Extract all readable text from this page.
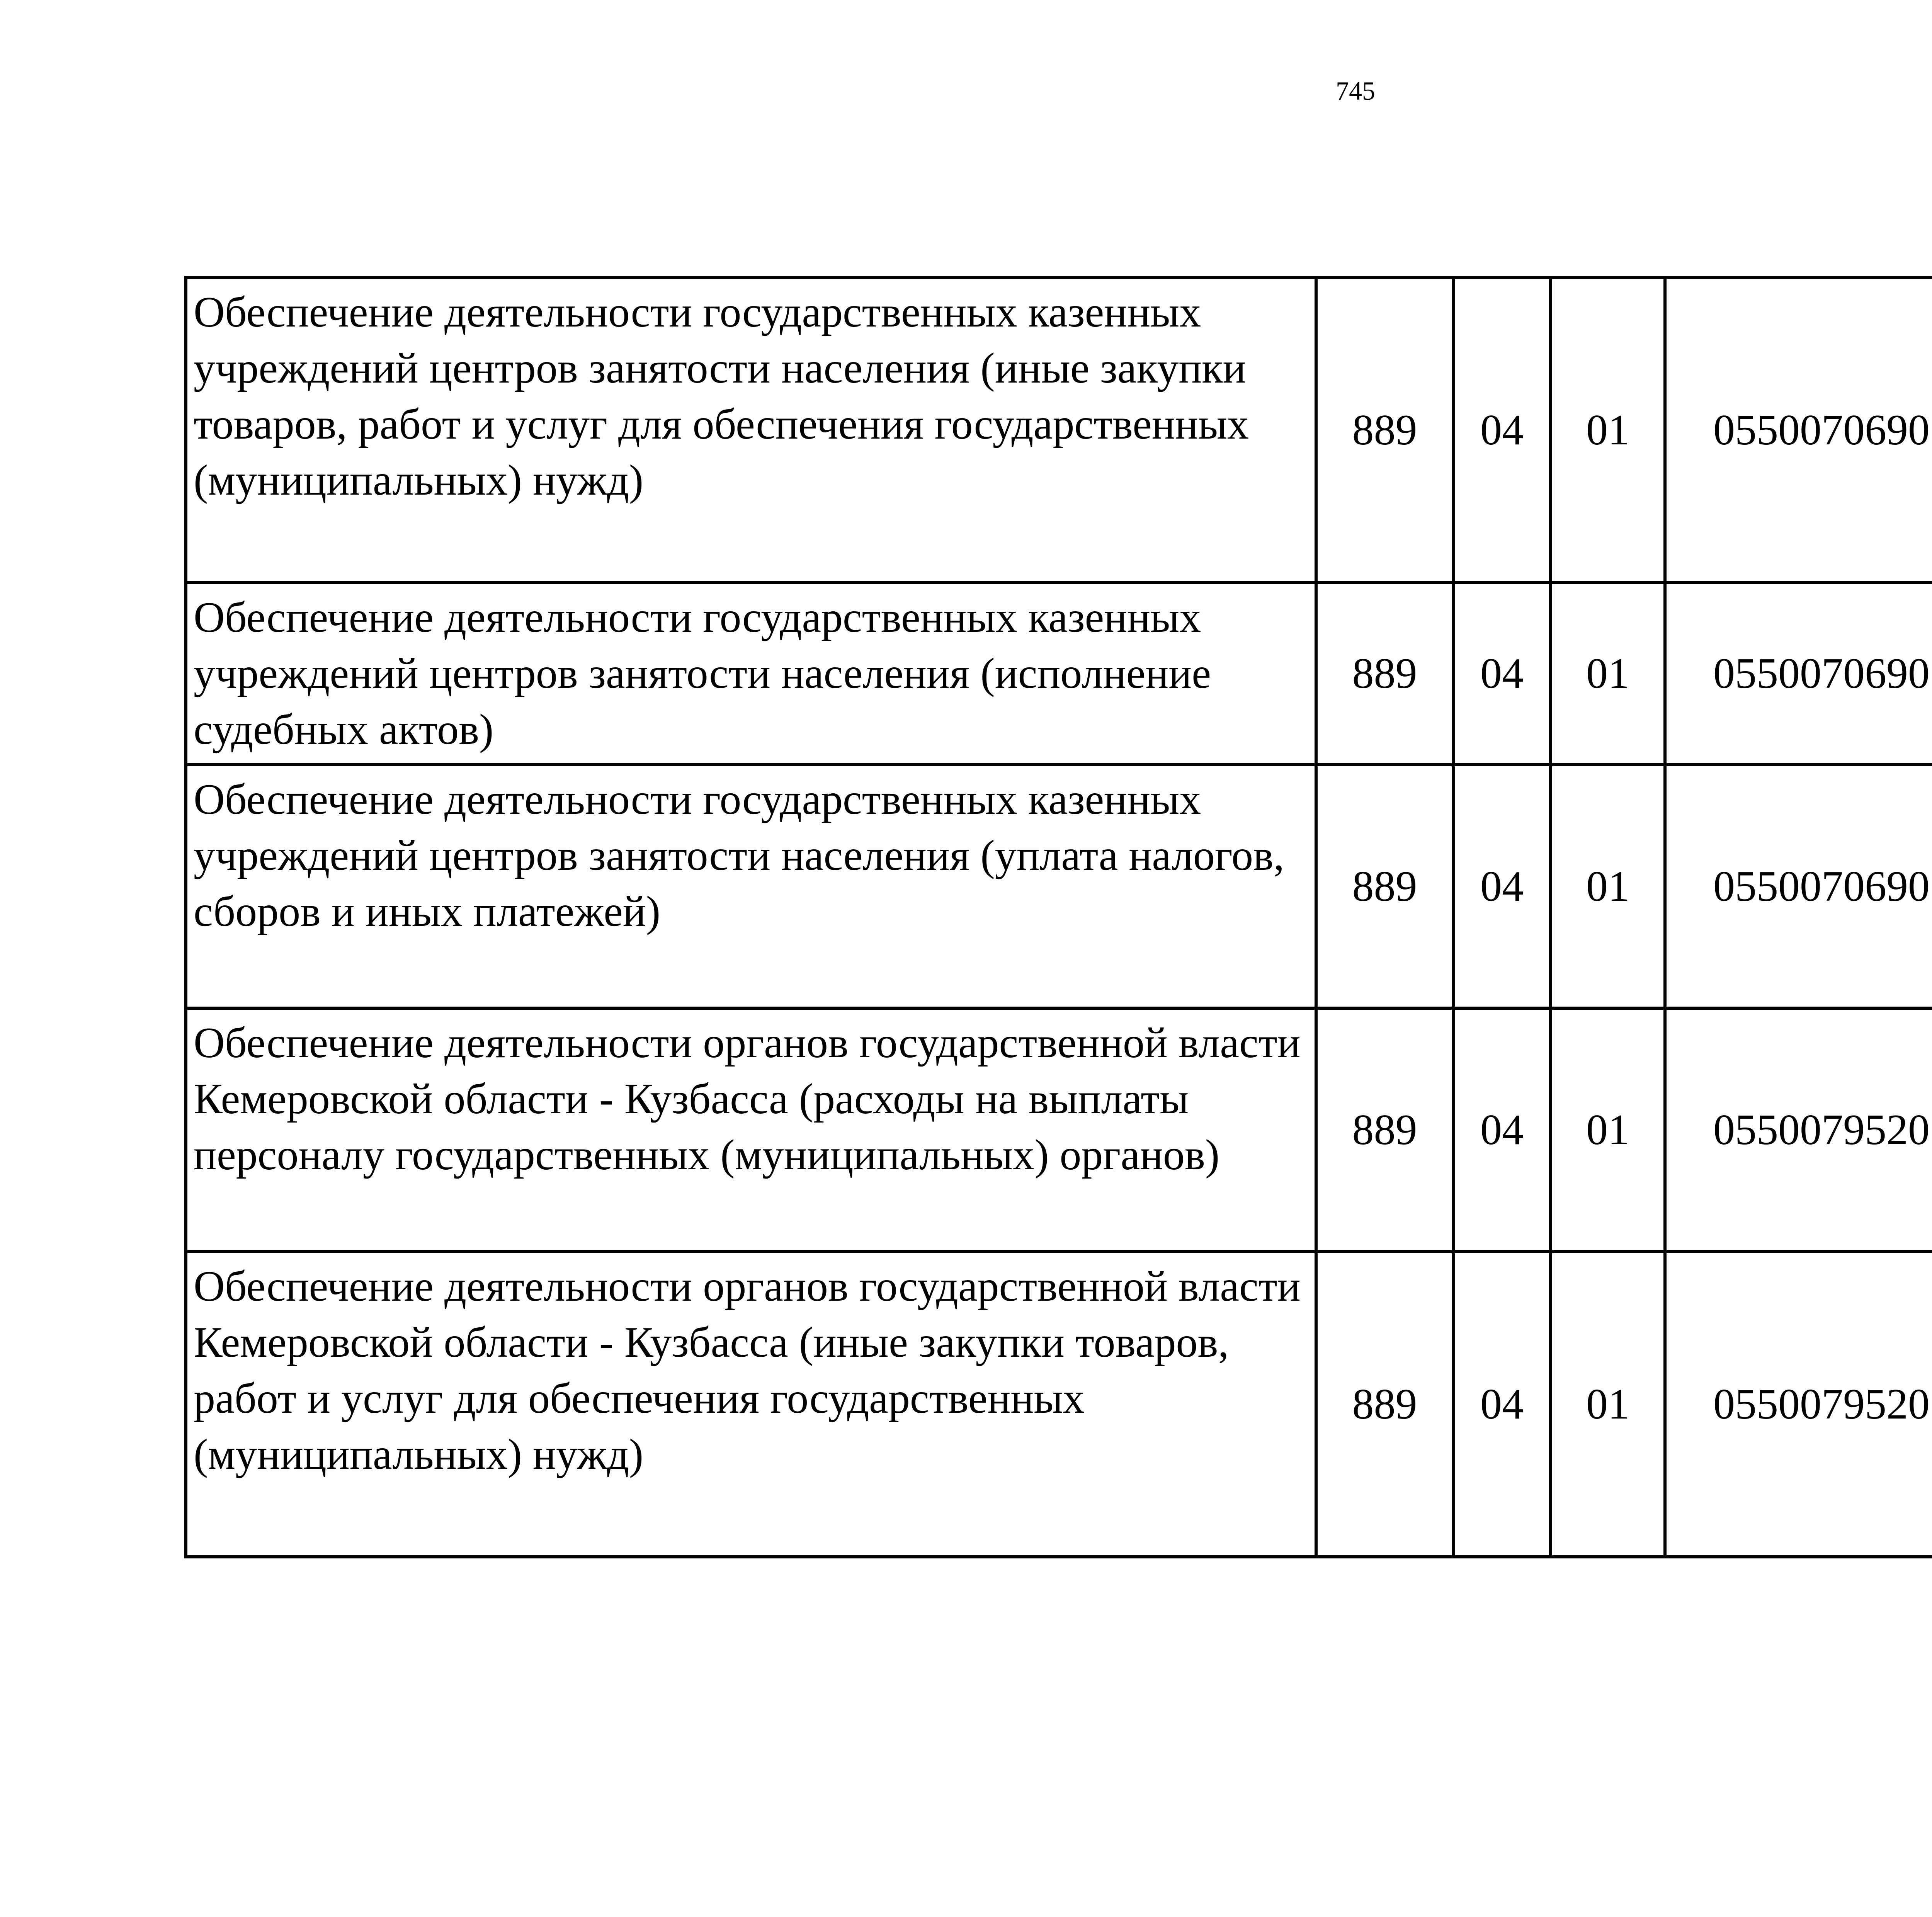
745
Обеспечение деятельности государственных казенных учреждений центров занятости населения (иные закупки товаров, работ и услуг для обеспечения государственных (муниципальных) нужд)	889	04	01	0550070690		
Обеспечение деятельности государственных казенных учреждений центров занятости населения (исполнение судебных актов)	889	04	01	0550070690		
Обеспечение деятельности государственных казенных учреждений центров занятости населения (уплата налогов, сборов и иных платежей)	889	04	01	0550070690		
Обеспечение деятельности органов государственной власти Кемеровской области - Кузбасса (расходы на выплаты персоналу государственных (муниципальных) органов)	889	04	01	0550079520		
Обеспечение деятельности органов государственной власти Кемеровской области - Кузбасса (иные закупки товаров, работ и услуг для обеспечения государственных (муниципальных) нужд)	889	04	01	0550079520		
